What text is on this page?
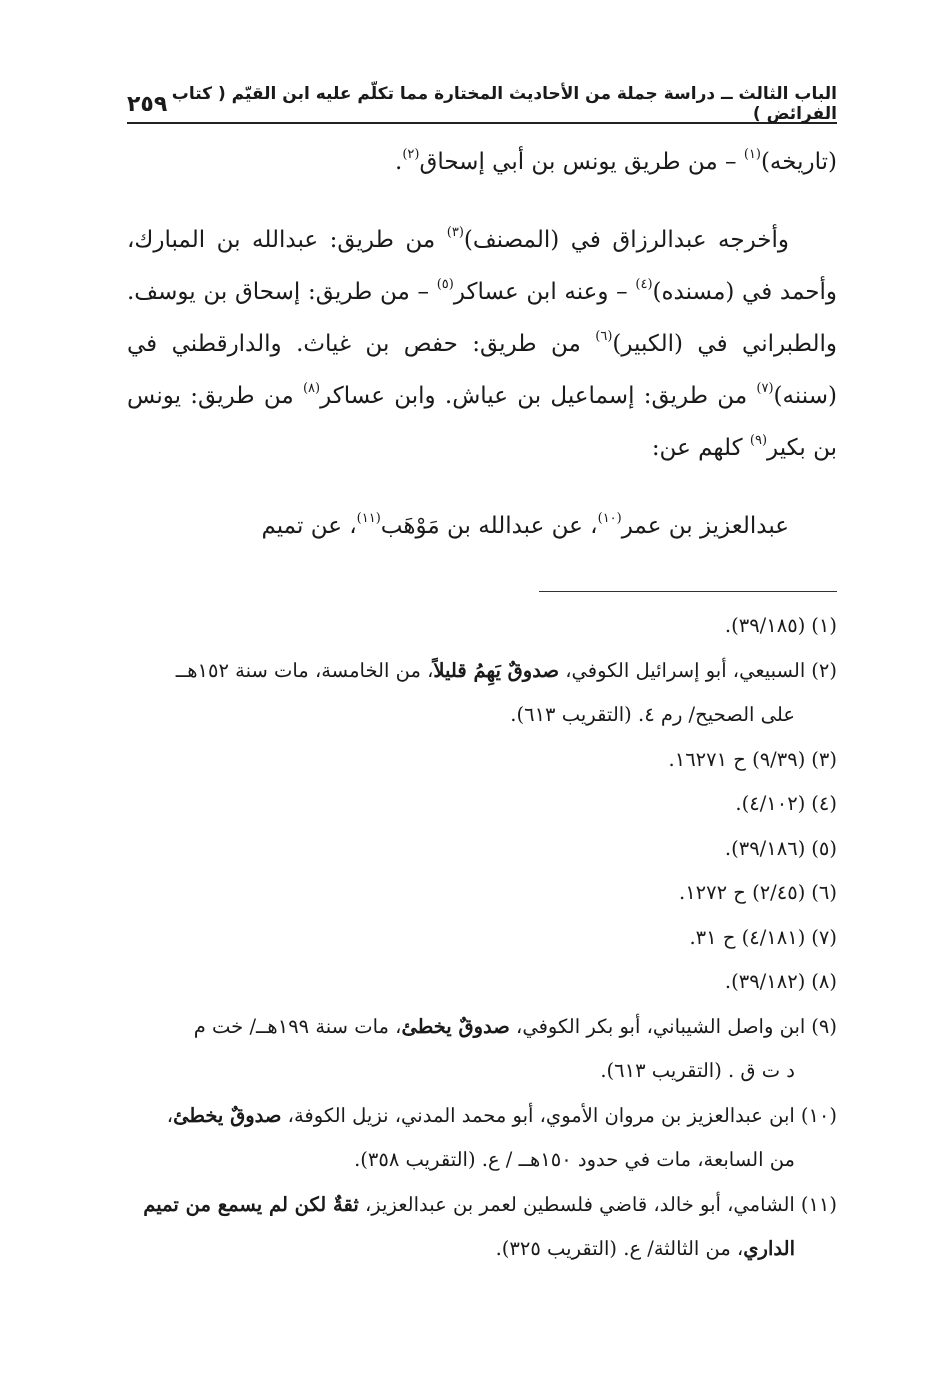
الباب الثالث ــ دراسة جملة من الأحاديث المختارة مما تكلّم عليه ابن القيّم ( كتاب الفرائض )
٢٥٩

(تاريخه)$^{(١)}$ – من طريق يونس بن أبي إسحاق$^{(٢)}$.

وأخرجه عبدالرزاق في (المصنف)$^{(٣)}$ من طريق: عبدالله بن المبارك، وأحمد في (مسنده)$^{(٤)}$ – وعنه ابن عساكر$^{(٥)}$ – من طريق: إسحاق بن يوسف. والطبراني في (الكبير)$^{(٦)}$ من طريق: حفص بن غياث. والدارقطني في (سننه)$^{(٧)}$ من طريق: إسماعيل بن عياش. وابن عساكر$^{(٨)}$ من طريق: يونس بن بكير$^{(٩)}$ كلهم عن:

عبدالعزيز بن عمر$^{(١٠)}$، عن عبدالله بن مَوْهَب$^{(١١)}$، عن تميم

(١)
(٣٩/١٨٥).
(٢)
السبيعي، أبو إسرائيل الكوفي، صدوقٌ يَهِمُ قليلاً، من الخامسة، مات سنة ١٥٢هــ
على الصحيح/ رم ٤. (التقريب ٦١٣).
(٣)
(٩/٣٩) ح ١٦٢٧١.
(٤)
(٤/١٠٢).
(٥)
(٣٩/١٨٦).
(٦)
(٢/٤٥) ح ١٢٧٢.
(٧)
(٤/١٨١) ح ٣١.
(٨)
(٣٩/١٨٢).
(٩)
ابن واصل الشيباني، أبو بكر الكوفي، صدوقٌ يخطئ، مات سنة ١٩٩هــ/ خت م
د ت ق . (التقريب ٦١٣).
(١٠)
ابن عبدالعزيز بن مروان الأموي، أبو محمد المدني، نزيل الكوفة، صدوقٌ يخطئ،
من السابعة، مات في حدود ١٥٠هــ / ع. (التقريب ٣٥٨).
(١١)
الشامي، أبو خالد، قاضي فلسطين لعمر بن عبدالعزيز، ثقةٌ لكن لم يسمع من تميم
الداري، من الثالثة/ ع. (التقريب ٣٢٥).
